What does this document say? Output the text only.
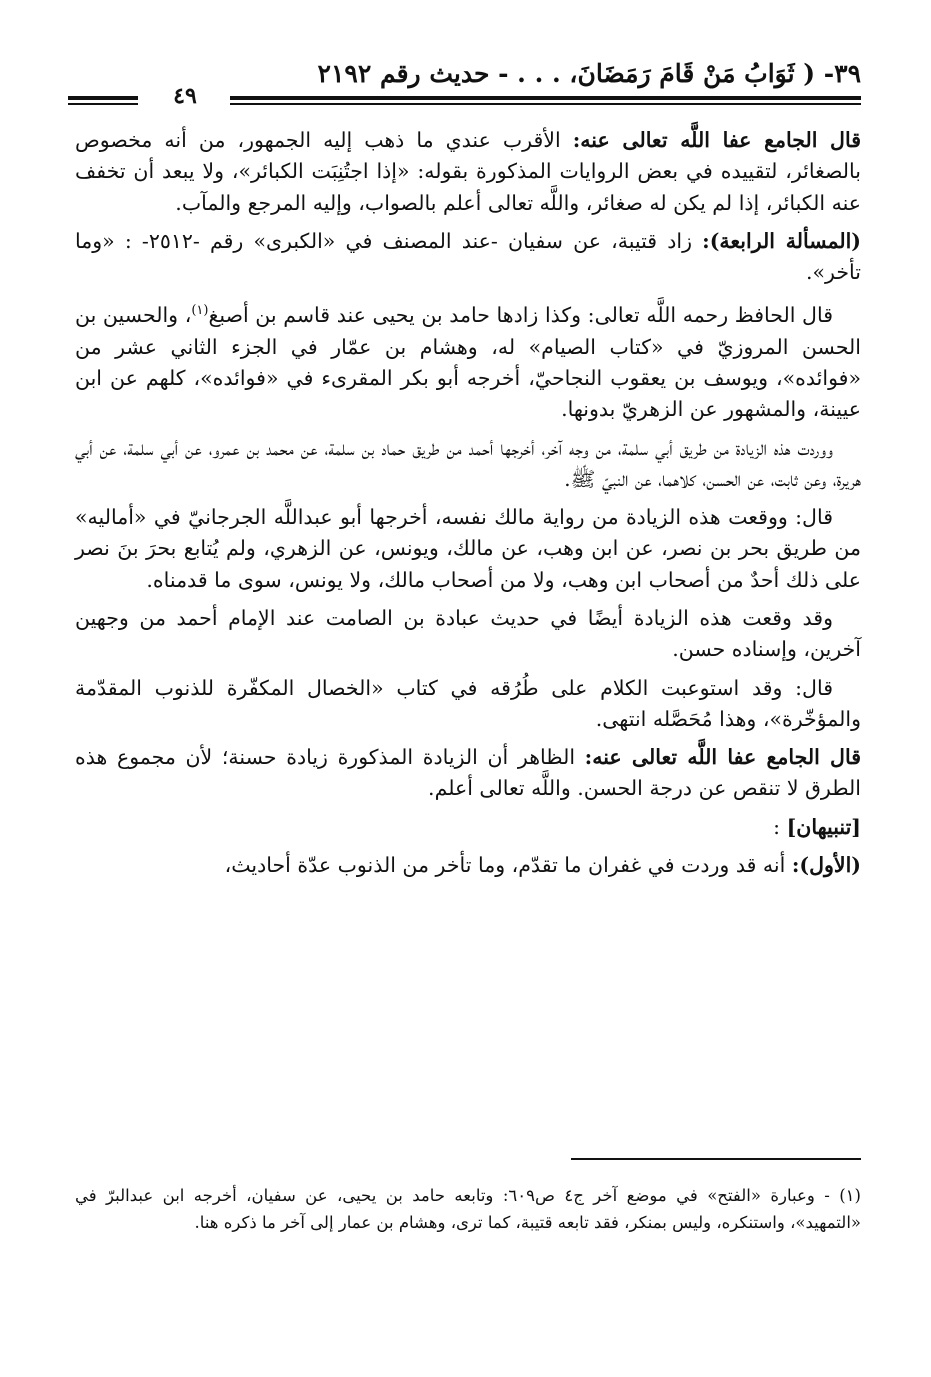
٣٩- ( ثَوَابُ مَنْ قَامَ رَمَضَانَ، . . . - حديث رقم ٢١٩٢
٤٩

قال الجامع عفا اللَّه تعالى عنه: الأقرب عندي ما ذهب إليه الجمهور، من أنه مخصوص بالصغائر، لتقييده في بعض الروايات المذكورة بقوله: «إذا اجتُنِبَت الكبائر»، ولا يبعد أن تخفف عنه الكبائر، إذا لم يكن له صغائر، واللَّه تعالى أعلم بالصواب، وإليه المرجع والمآب.

(المسألة الرابعة): زاد قتيبة، عن سفيان -عند المصنف في «الكبرى» رقم -٢٥١٢- : «وما تأخر».

قال الحافظ رحمه اللَّه تعالى: وكذا زادها حامد بن يحيى عند قاسم بن أصبغ$^{(١)}$، والحسين بن الحسن المروزيّ في «كتاب الصيام» له، وهشام بن عمّار في الجزء الثاني عشر من «فوائده»، ويوسف بن يعقوب النجاحيّ، أخرجه أبو بكر المقرىء في «فوائده»، كلهم عن ابن عيينة، والمشهور عن الزهريّ بدونها.

ووردت هذه الزيادة من طريق أبي سلمة، من وجه آخر، أخرجها أحمد من طريق حماد بن سلمة، عن محمد بن عمرو، عن أبي سلمة، عن أبي هريرة، وعن ثابت، عن الحسن، كلاهما، عن النبيّ ﷺ.

قال: ووقعت هذه الزيادة من رواية مالك نفسه، أخرجها أبو عبداللَّه الجرجانيّ في «أماليه» من طريق بحر بن نصر، عن ابن وهب، عن مالك، ويونس، عن الزهري، ولم يُتابع بحرَ بنَ نصر على ذلك أحدٌ من أصحاب ابن وهب، ولا من أصحاب مالك، ولا يونس، سوى ما قدمناه.

وقد وقعت هذه الزيادة أيضًا في حديث عبادة بن الصامت عند الإمام أحمد من وجهين آخرين، وإسناده حسن.

قال: وقد استوعبت الكلام على طُرُقه في كتاب «الخصال المكفّرة للذنوب المقدّمة والمؤخّرة»، وهذا مُحَصَّله انتهى.

قال الجامع عفا اللَّه تعالى عنه: الظاهر أن الزيادة المذكورة زيادة حسنة؛ لأن مجموع هذه الطرق لا تنقص عن درجة الحسن. واللَّه تعالى أعلم.

[تنبيهان] :

(الأول): أنه قد وردت في غفران ما تقدّم، وما تأخر من الذنوب عدّة أحاديث،

(١) - وعبارة «الفتح» في موضع آخر ج٤ ص٦٠٩: وتابعه حامد بن يحيى، عن سفيان، أخرجه ابن عبدالبرّ في «التمهيد»، واستنكره، وليس بمنكر، فقد تابعه قتيبة، كما ترى، وهشام بن عمار إلى آخر ما ذكره هنا.
